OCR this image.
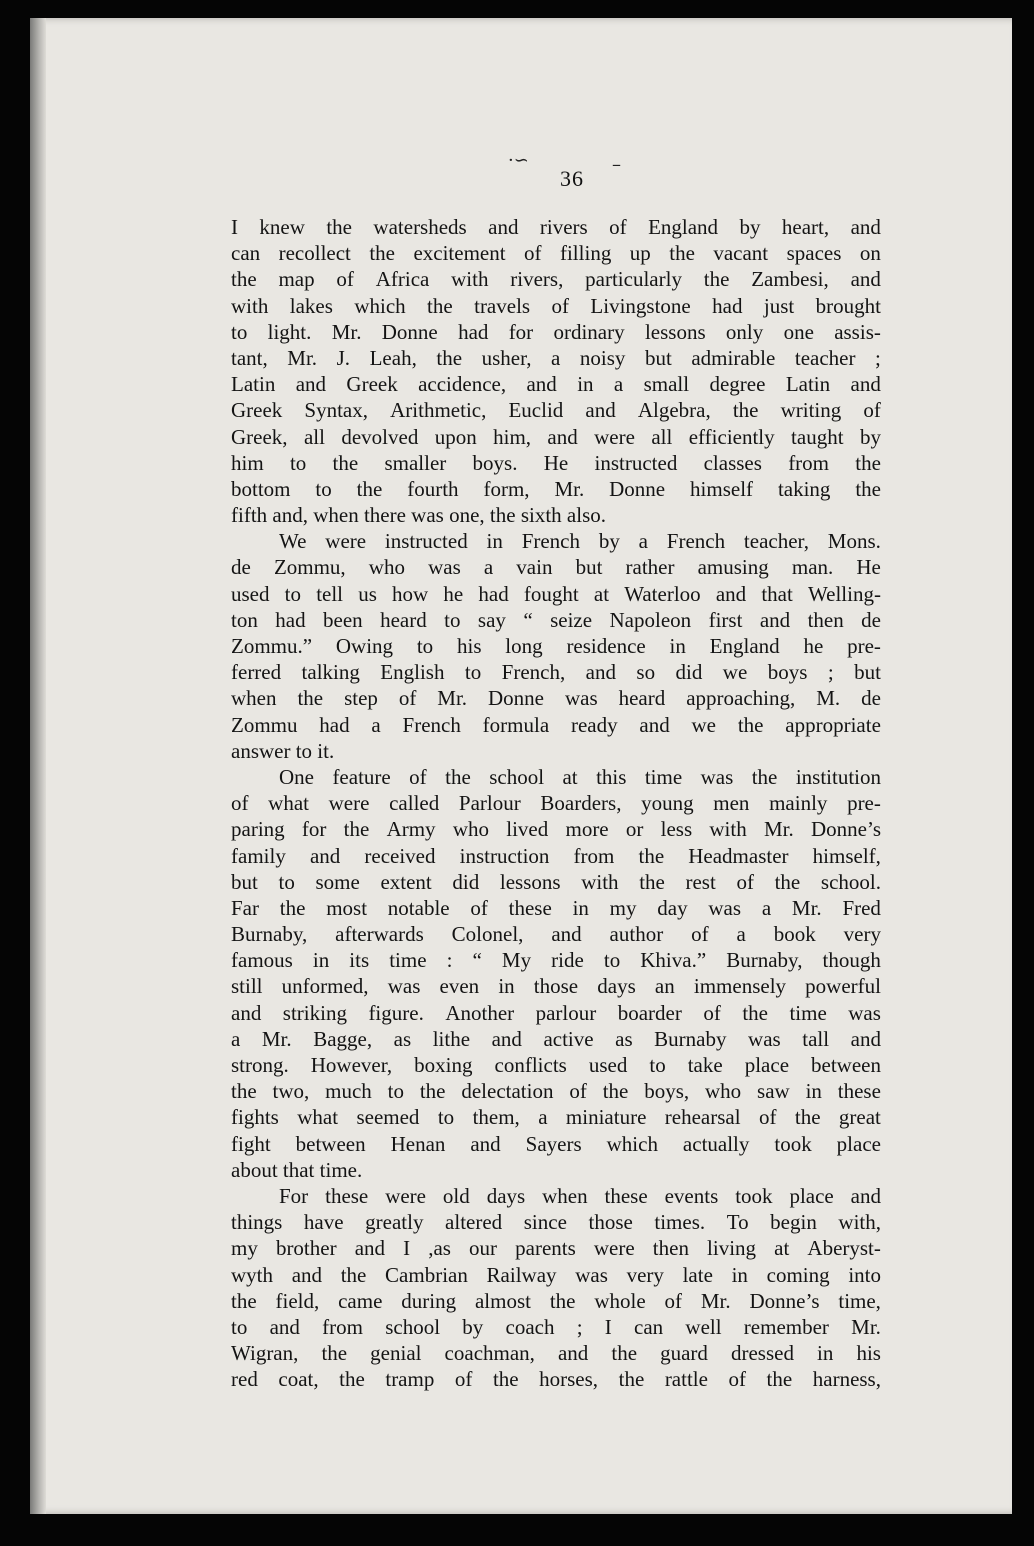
·∽	–
36
I knew the watersheds and rivers of England by heart, and
can recollect the excitement of filling up the vacant spaces on
the map of Africa with rivers, particularly the Zambesi, and
with lakes which the travels of Livingstone had just brought
to light. Mr. Donne had for ordinary lessons only one assis-
tant, Mr. J. Leah, the usher, a noisy but admirable teacher ;
Latin and Greek accidence, and in a small degree Latin and
Greek Syntax, Arithmetic, Euclid and Algebra, the writing of
Greek, all devolved upon him, and were all efficiently taught by
him to the smaller boys. He instructed classes from the
bottom to the fourth form, Mr. Donne himself taking the
fifth and, when there was one, the sixth also.
We were instructed in French by a French teacher, Mons.
de Zommu, who was a vain but rather amusing man. He
used to tell us how he had fought at Waterloo and that Welling-
ton had been heard to say “ seize Napoleon first and then de
Zommu.” Owing to his long residence in England he pre-
ferred talking English to French, and so did we boys ; but
when the step of Mr. Donne was heard approaching, M. de
Zommu had a French formula ready and we the appropriate
answer to it.
One feature of the school at this time was the institution
of what were called Parlour Boarders, young men mainly pre-
paring for the Army who lived more or less with Mr. Donne’s
family and received instruction from the Headmaster himself,
but to some extent did lessons with the rest of the school.
Far the most notable of these in my day was a Mr. Fred
Burnaby, afterwards Colonel, and author of a book very
famous in its time : “ My ride to Khiva.” Burnaby, though
still unformed, was even in those days an immensely powerful
and striking figure. Another parlour boarder of the time was
a Mr. Bagge, as lithe and active as Burnaby was tall and
strong. However, boxing conflicts used to take place between
the two, much to the delectation of the boys, who saw in these
fights what seemed to them, a miniature rehearsal of the great
fight between Henan and Sayers which actually took place
about that time.
For these were old days when these events took place and
things have greatly altered since those times. To begin with,
my brother and I ,as our parents were then living at Aberyst-
wyth and the Cambrian Railway was very late in coming into
the field, came during almost the whole of Mr. Donne’s time,
to and from school by coach ; I can well remember Mr.
Wigran, the genial coachman, and the guard dressed in his
red coat, the tramp of the horses, the rattle of the harness,
